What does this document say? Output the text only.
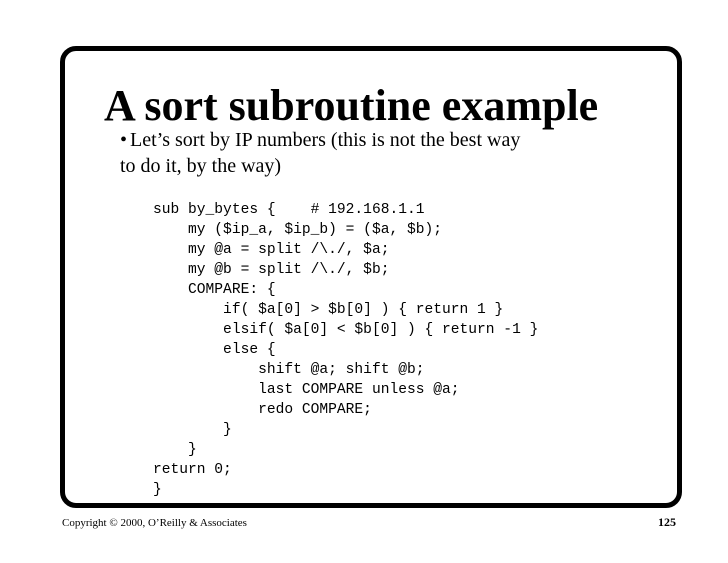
A sort subroutine example
• Let’s sort by IP numbers (this is not the best way
to do it, by the way)
sub by_bytes {    # 192.168.1.1
my ($ip_a, $ip_b) = ($a, $b);
my @a = split /\./, $a;
my @b = split /\./, $b;
COMPARE: {
if( $a[0] > $b[0] ) { return 1 }
elsif( $a[0] < $b[0] ) { return -1 }
else {
shift @a; shift @b;
last COMPARE unless @a;
redo COMPARE;
}
}
return 0;
}
Copyright © 2000, O’Reilly & Associates	125
